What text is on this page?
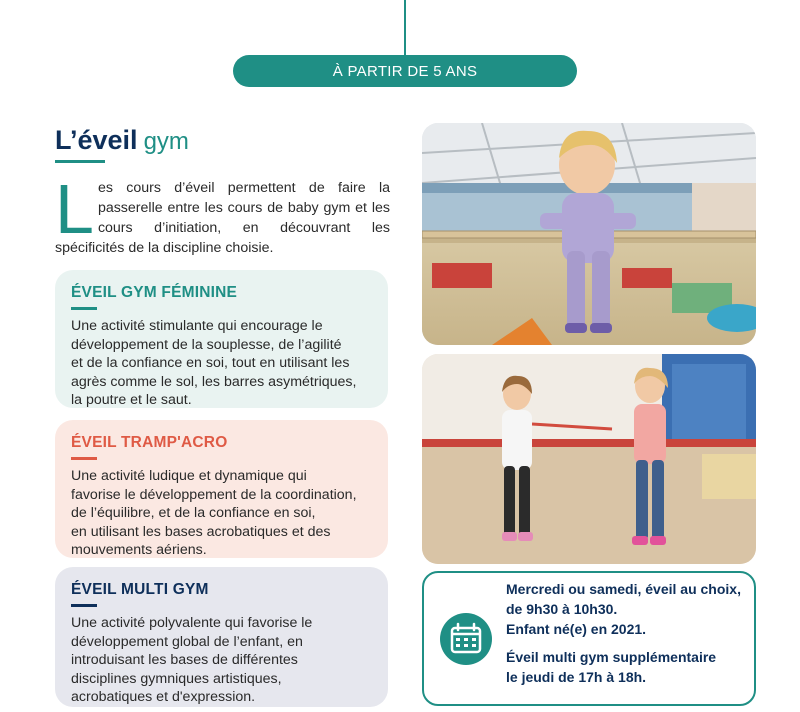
À PARTIR DE 5 ANS
L’éveil gym
L es cours d’éveil permettent de faire la passerelle entre les cours de baby gym et les cours d’initiation, en découvrant les spécificités de la discipline choisie.
ÉVEIL GYM FÉMININE

Une activité stimulante qui encourage le
développement de la souplesse, de l’agilité
et de la confiance en soi, tout en utilisant les
agrès comme le sol, les barres asymétriques,
la poutre et le saut.

ÉVEIL TRAMP'ACRO

Une activité ludique et dynamique qui
favorise le développement de la coordination,
de l’équilibre, et de la confiance en soi,
en utilisant les bases acrobatiques et des
mouvements aériens.

ÉVEIL MULTI GYM

Une activité polyvalente qui favorise le
développement global de l’enfant, en
introduisant les bases de différentes
disciplines gymniques artistiques,
acrobatiques et d'expression.

Mercredi ou samedi, éveil au choix,
de 9h30 à 10h30.
Enfant né(e) en 2021.
Éveil multi gym supplémentaire
le jeudi de 17h à 18h.
